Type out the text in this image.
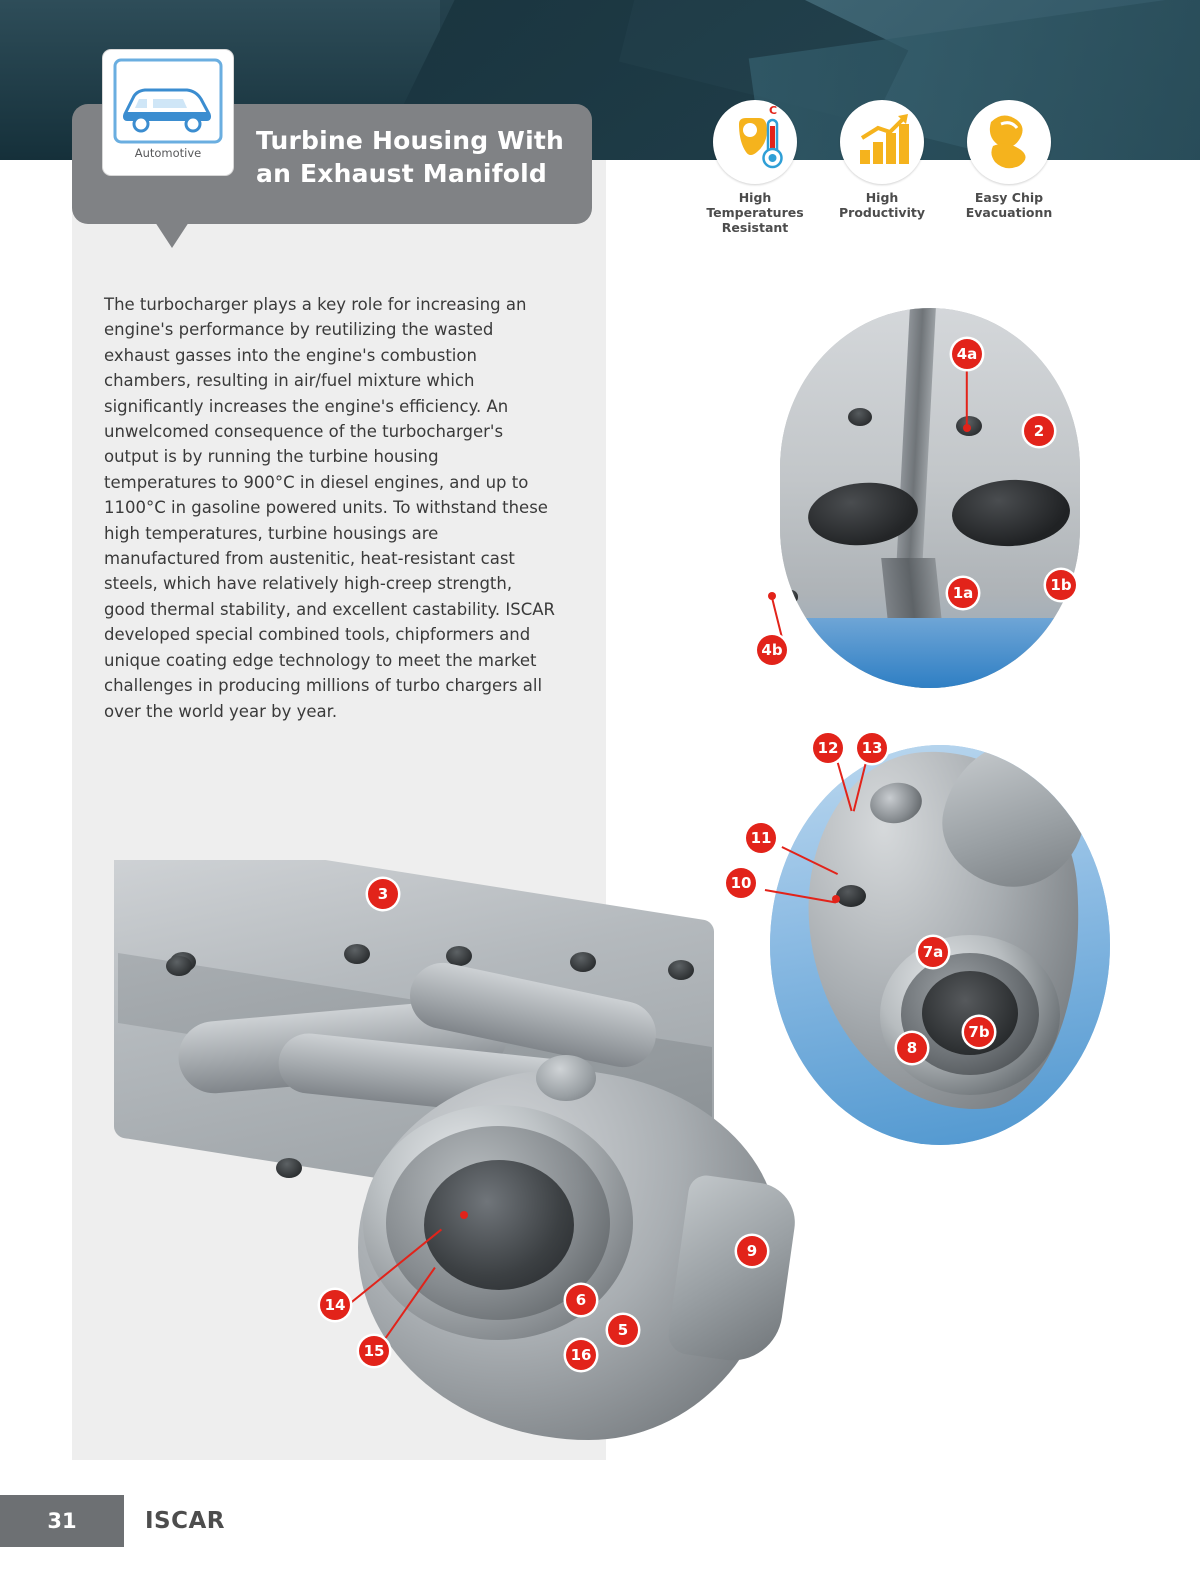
Turbine Housing With
an Exhaust Manifold
Automotive
C
High Temperatures
Resistant
High
Productivity
Easy Chip
Evacuationn
The turbocharger plays a key role for increasing an engine's performance by reutilizing the wasted exhaust gasses into the engine's combustion chambers, resulting in air/fuel mixture which significantly increases the engine's efficiency. An unwelcomed consequence of the turbocharger's output is by running the turbine housing temperatures to 900°C in diesel engines, and up to 1100°C in gasoline powered units. To withstand these high temperatures, turbine housings are manufactured from austenitic, heat-resistant cast steels, which have relatively high-creep strength, good thermal stability, and excellent castability. ISCAR developed special combined tools, chipformers and unique coating edge technology to meet the market challenges in producing millions of turbo chargers all over the world year by year.
4a
2
1a	1b
4b
12	13
11
10
7a
7b
8
3
14
15	16
5
6
9
31	ISCAR
